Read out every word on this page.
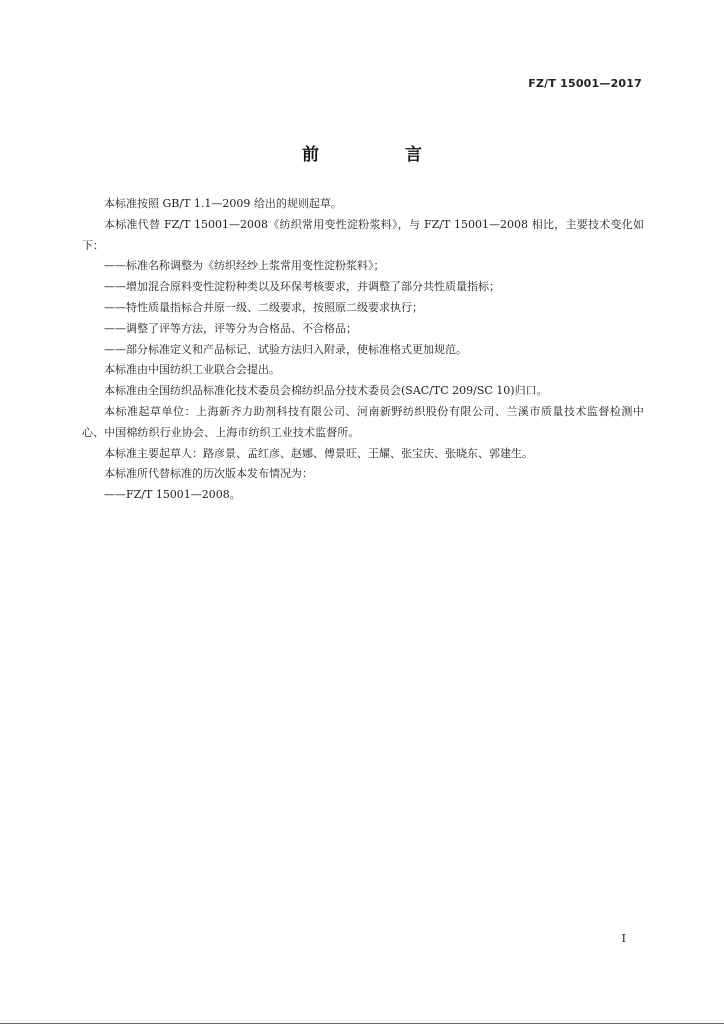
FZ/T 15001—2017
前 言

本标准按照 GB/T 1.1—2009 给出的规则起草。

本标准代替 FZ/T 15001—2008《纺织常用变性淀粉浆料》，与 FZ/T 15001—2008 相比，主要技术变化如下：

——标准名称调整为《纺织经纱上浆常用变性淀粉浆料》；

——增加混合原料变性淀粉种类以及环保考核要求，并调整了部分共性质量指标；

——特性质量指标合并原一级、二级要求，按照原二级要求执行；

——调整了评等方法，评等分为合格品、不合格品；

——部分标准定义和产品标记、试验方法归入附录，使标准格式更加规范。

本标准由中国纺织工业联合会提出。

本标准由全国纺织品标准化技术委员会棉纺织品分技术委员会(SAC/TC 209/SC 10)归口。

本标准起草单位：上海新齐力助剂科技有限公司、河南新野纺织股份有限公司、兰溪市质量技术监督检测中心、中国棉纺织行业协会、上海市纺织工业技术监督所。

本标准主要起草人：路彦景、孟红彦、赵娜、傅景旺、王耀、张宝庆、张晓东、郭建生。

本标准所代替标准的历次版本发布情况为：

——FZ/T 15001—2008。

I
